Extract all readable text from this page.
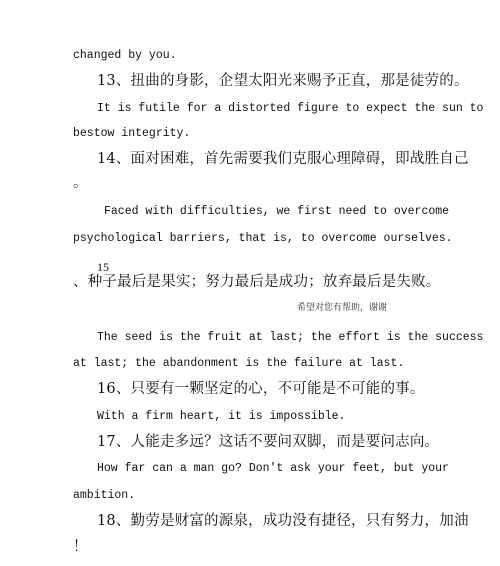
changed by you.
13、扭曲的身影，企望太阳光来赐予正直，那是徒劳的。
It is futile for a distorted figure to expect the sun to
bestow integrity.
14、面对困难，首先需要我们克服心理障碍，即战胜自己
。
Faced with difficulties, we first need to overcome
psychological barriers, that is, to overcome ourselves.
15
、种子最后是果实；努力最后是成功；放弃最后是失败。
希望对您有帮助，谢谢
The seed is the fruit at last; the effort is the success
at last; the abandonment is the failure at last.
16、只要有一颗坚定的心，不可能是不可能的事。
With a firm heart, it is impossible.
17、人能走多远？这话不要问双脚，而是要问志向。
How far can a man go? Don't ask your feet, but your
ambition.
18、勤劳是财富的源泉，成功没有捷径，只有努力，加油
！
